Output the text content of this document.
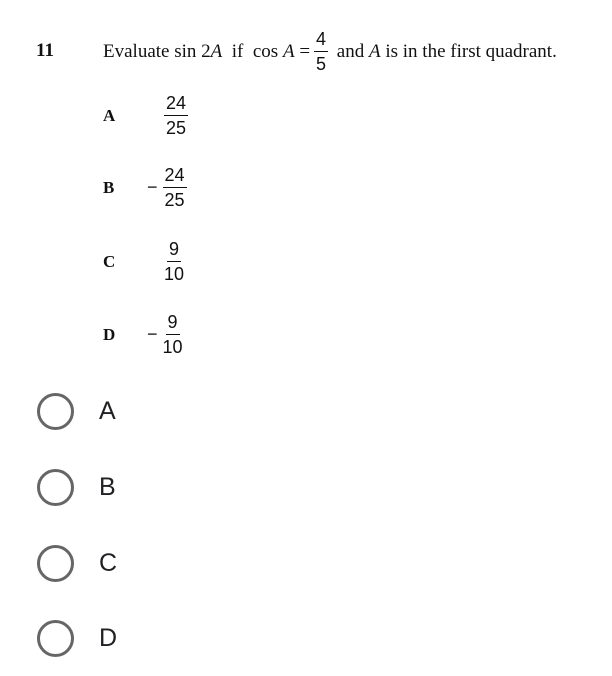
11	Evaluate sin 2 A if  $\cos A = \frac{4}{5}$ and A is in the first quadrant.
A	$\frac{24}{25}$
B	− $\frac{24}{25}$
C	$\frac{9}{10}$
D	− $\frac{9}{10}$
A
B
C
D
